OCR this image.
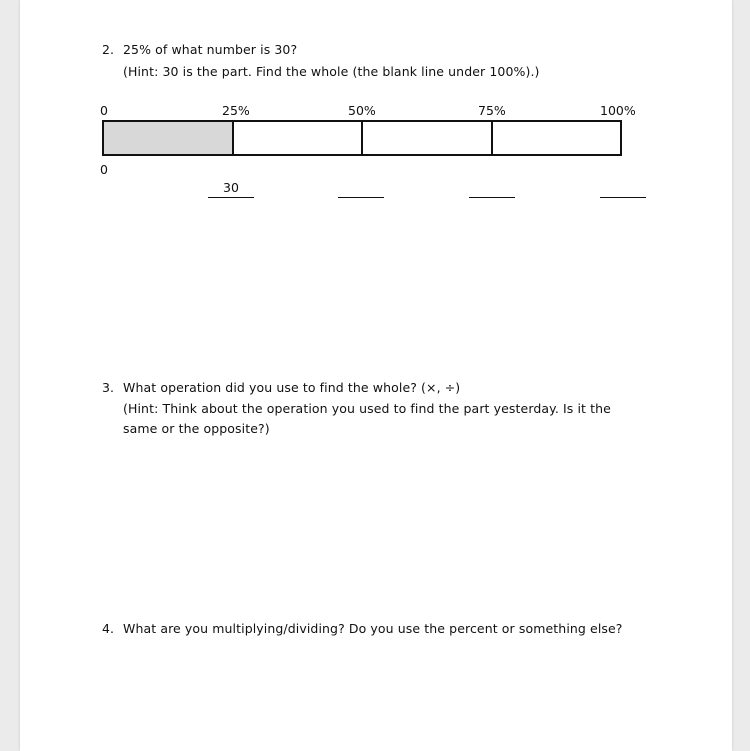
2. 25% of what number is 30?
(Hint: 30 is the part. Find the whole (the blank line under 100%).)
0	25%	50%	75%	100%
0
30
3. What operation did you use to find the whole? (×, ÷)
(Hint: Think about the operation you used to find the part yesterday. Is it the
same or the opposite?)
4. What are you multiplying/dividing? Do you use the percent or something else?
